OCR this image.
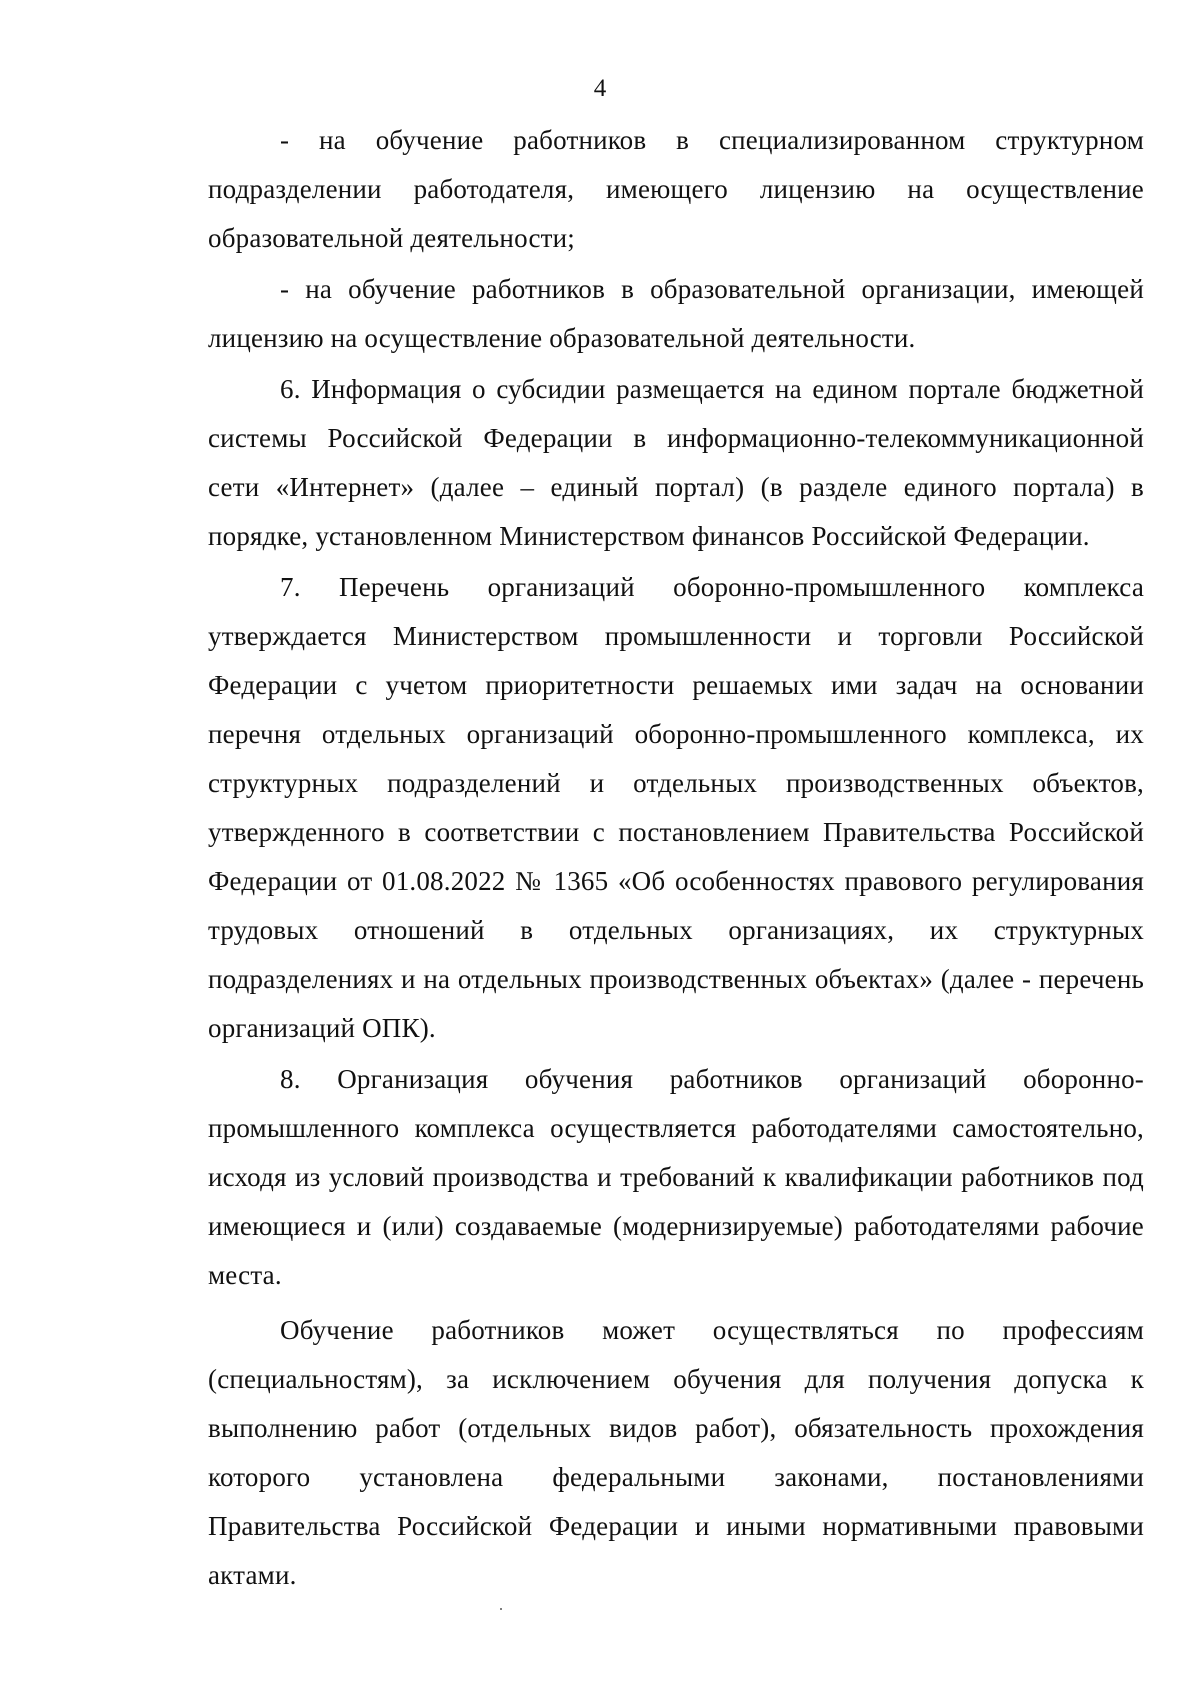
4

- на обучение работников в специализированном структурном подразделении работодателя, имеющего лицензию на осуществление образовательной деятельности;

- на обучение работников в образовательной организации, имеющей лицензию на осуществление образовательной деятельности.

6. Информация о субсидии размещается на едином портале бюджетной системы Российской Федерации в информационно-телекоммуникационной сети «Интернет» (далее – единый портал) (в разделе единого портала) в порядке, установленном Министерством финансов Российской Федерации.

7. Перечень организаций оборонно-промышленного комплекса утверждается Министерством промышленности и торговли Российской Федерации с учетом приоритетности решаемых ими задач на основании перечня отдельных организаций оборонно-промышленного комплекса, их структурных подразделений и отдельных производственных объектов, утвержденного в соответствии с постановлением Правительства Российской Федерации от 01.08.2022 № 1365 «Об особенностях правового регулирования трудовых отношений в отдельных организациях, их структурных подразделениях и на отдельных производственных объектах» (далее - перечень организаций ОПК).

8. Организация обучения работников организаций оборонно-промышленного комплекса осуществляется работодателями самостоятельно, исходя из условий производства и требований к квалификации работников под имеющиеся и (или) создаваемые (модернизируемые) работодателями рабочие места.

Обучение работников может осуществляться по профессиям (специальностям), за исключением обучения для получения допуска к выполнению работ (отдельных видов работ), обязательность прохождения которого установлена федеральными законами, постановлениями Правительства Российской Федерации и иными нормативными правовыми актами.
